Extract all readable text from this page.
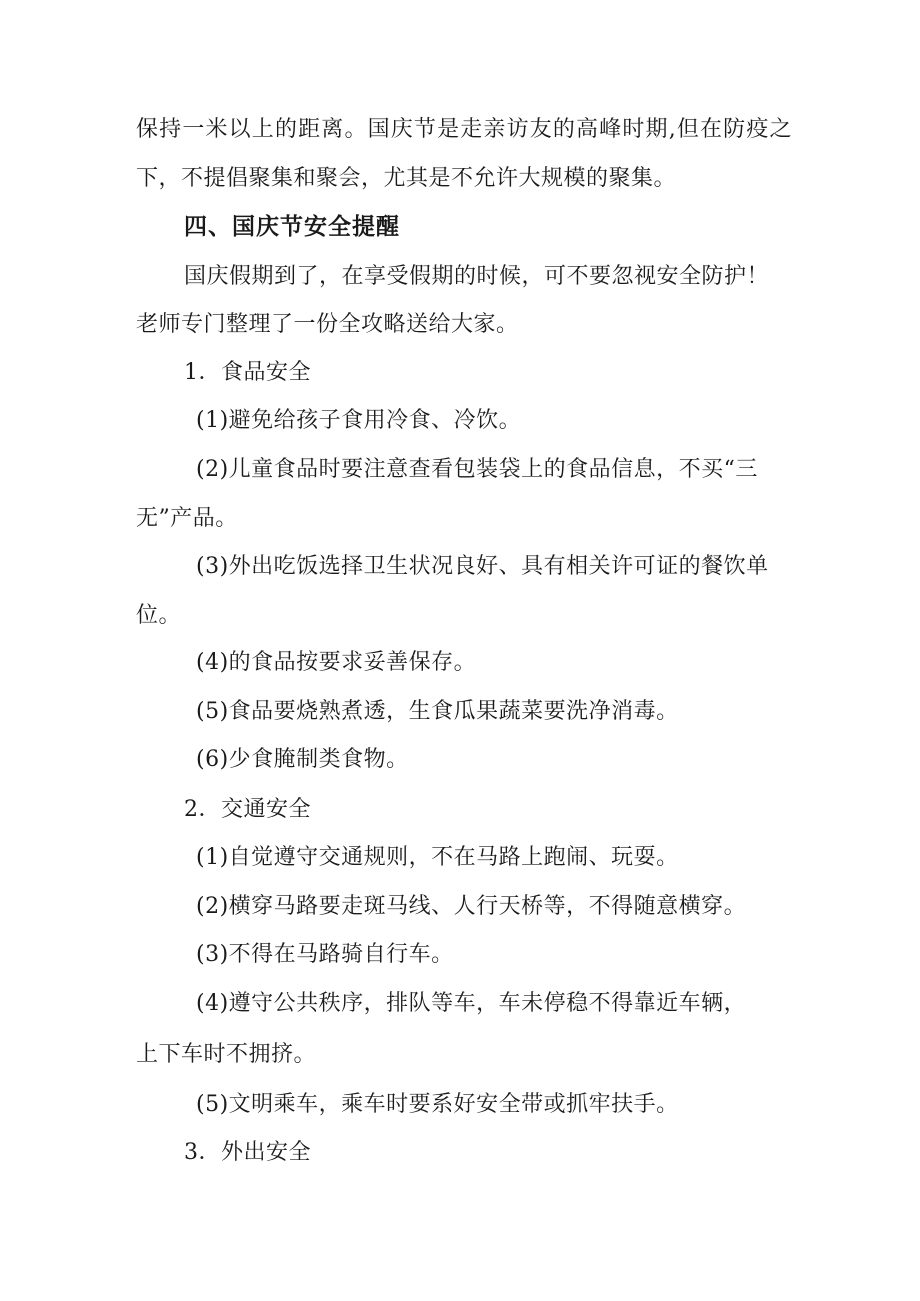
保持一米以上的距离。国庆节是走亲访友的高峰时期,但在防疫之
下，不提倡聚集和聚会，尤其是不允许大规模的聚集。
四、国庆节安全提醒
国庆假期到了，在享受假期的时候，可不要忽视安全防护！
老师专门整理了一份全攻略送给大家。
1．食品安全
(1)避免给孩子食用冷食、冷饮。
(2)儿童食品时要注意查看包装袋上的食品信息，不买“三
无”产品。
(3)外出吃饭选择卫生状况良好、具有相关许可证的餐饮单
位。
(4)的食品按要求妥善保存。
(5)食品要烧熟煮透，生食瓜果蔬菜要洗净消毒。
(6)少食腌制类食物。
2．交通安全
(1)自觉遵守交通规则，不在马路上跑闹、玩耍。
(2)横穿马路要走斑马线、人行天桥等，不得随意横穿。
(3)不得在马路骑自行车。
(4)遵守公共秩序，排队等车，车未停稳不得靠近车辆，
上下车时不拥挤。
(5)文明乘车，乘车时要系好安全带或抓牢扶手。
3．外出安全
